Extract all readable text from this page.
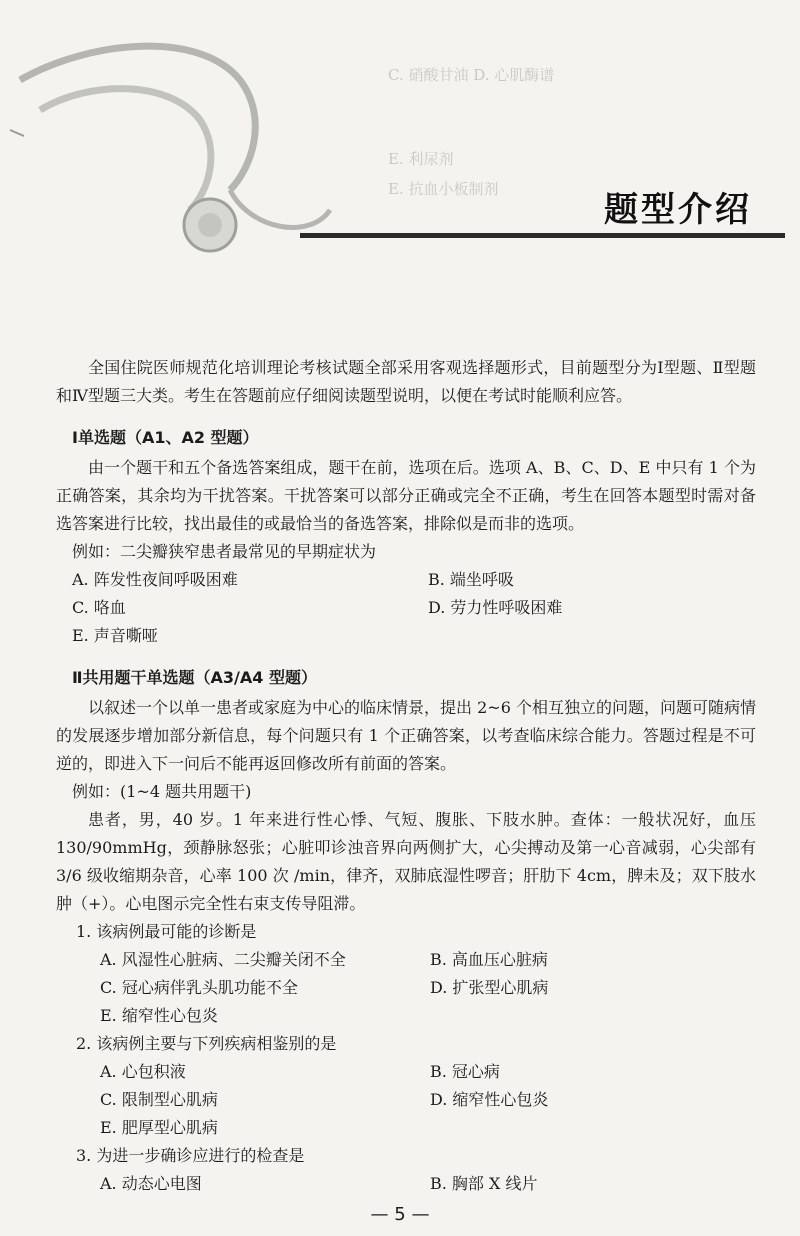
C. 硝酸甘油 D. 心肌酶谱
E. 利尿剂
E. 抗血小板制剂
题型介绍

全国住院医师规范化培训理论考核试题全部采用客观选择题形式，目前题型分为Ⅰ型题、Ⅱ型题和Ⅳ型题三大类。考生在答题前应仔细阅读题型说明，以便在考试时能顺利应答。

Ⅰ单选题（A1、A2 型题）

由一个题干和五个备选答案组成，题干在前，选项在后。选项 A、B、C、D、E 中只有 1 个为正确答案，其余均为干扰答案。干扰答案可以部分正确或完全不正确，考生在回答本题型时需对备选答案进行比较，找出最佳的或最恰当的备选答案，排除似是而非的选项。

例如：二尖瓣狭窄患者最常见的早期症状为

A. 阵发性夜间呼吸困难	B. 端坐呼吸
C. 咯血	D. 劳力性呼吸困难
E. 声音嘶哑
Ⅱ共用题干单选题（A3/A4 型题）

以叙述一个以单一患者或家庭为中心的临床情景，提出 2~6 个相互独立的问题，问题可随病情的发展逐步增加部分新信息，每个问题只有 1 个正确答案，以考查临床综合能力。答题过程是不可逆的，即进入下一问后不能再返回修改所有前面的答案。

例如：(1~4 题共用题干)

患者，男，40 岁。1 年来进行性心悸、气短、腹胀、下肢水肿。查体：一般状况好，血压 130/90mmHg，颈静脉怒张；心脏叩诊浊音界向两侧扩大，心尖搏动及第一心音减弱，心尖部有 3/6 级收缩期杂音，心率 100 次 /min，律齐，双肺底湿性啰音；肝肋下 4cm，脾未及；双下肢水肿（+）。心电图示完全性右束支传导阻滞。

1. 该病例最可能的诊断是

A. 风湿性心脏病、二尖瓣关闭不全	B. 高血压心脏病
C. 冠心病伴乳头肌功能不全	D. 扩张型心肌病
E. 缩窄性心包炎

2. 该病例主要与下列疾病相鉴别的是

A. 心包积液	B. 冠心病
C. 限制型心肌病	D. 缩窄性心包炎
E. 肥厚型心肌病

3. 为进一步确诊应进行的检查是

A. 动态心电图	B. 胸部 X 线片
— 5 —
